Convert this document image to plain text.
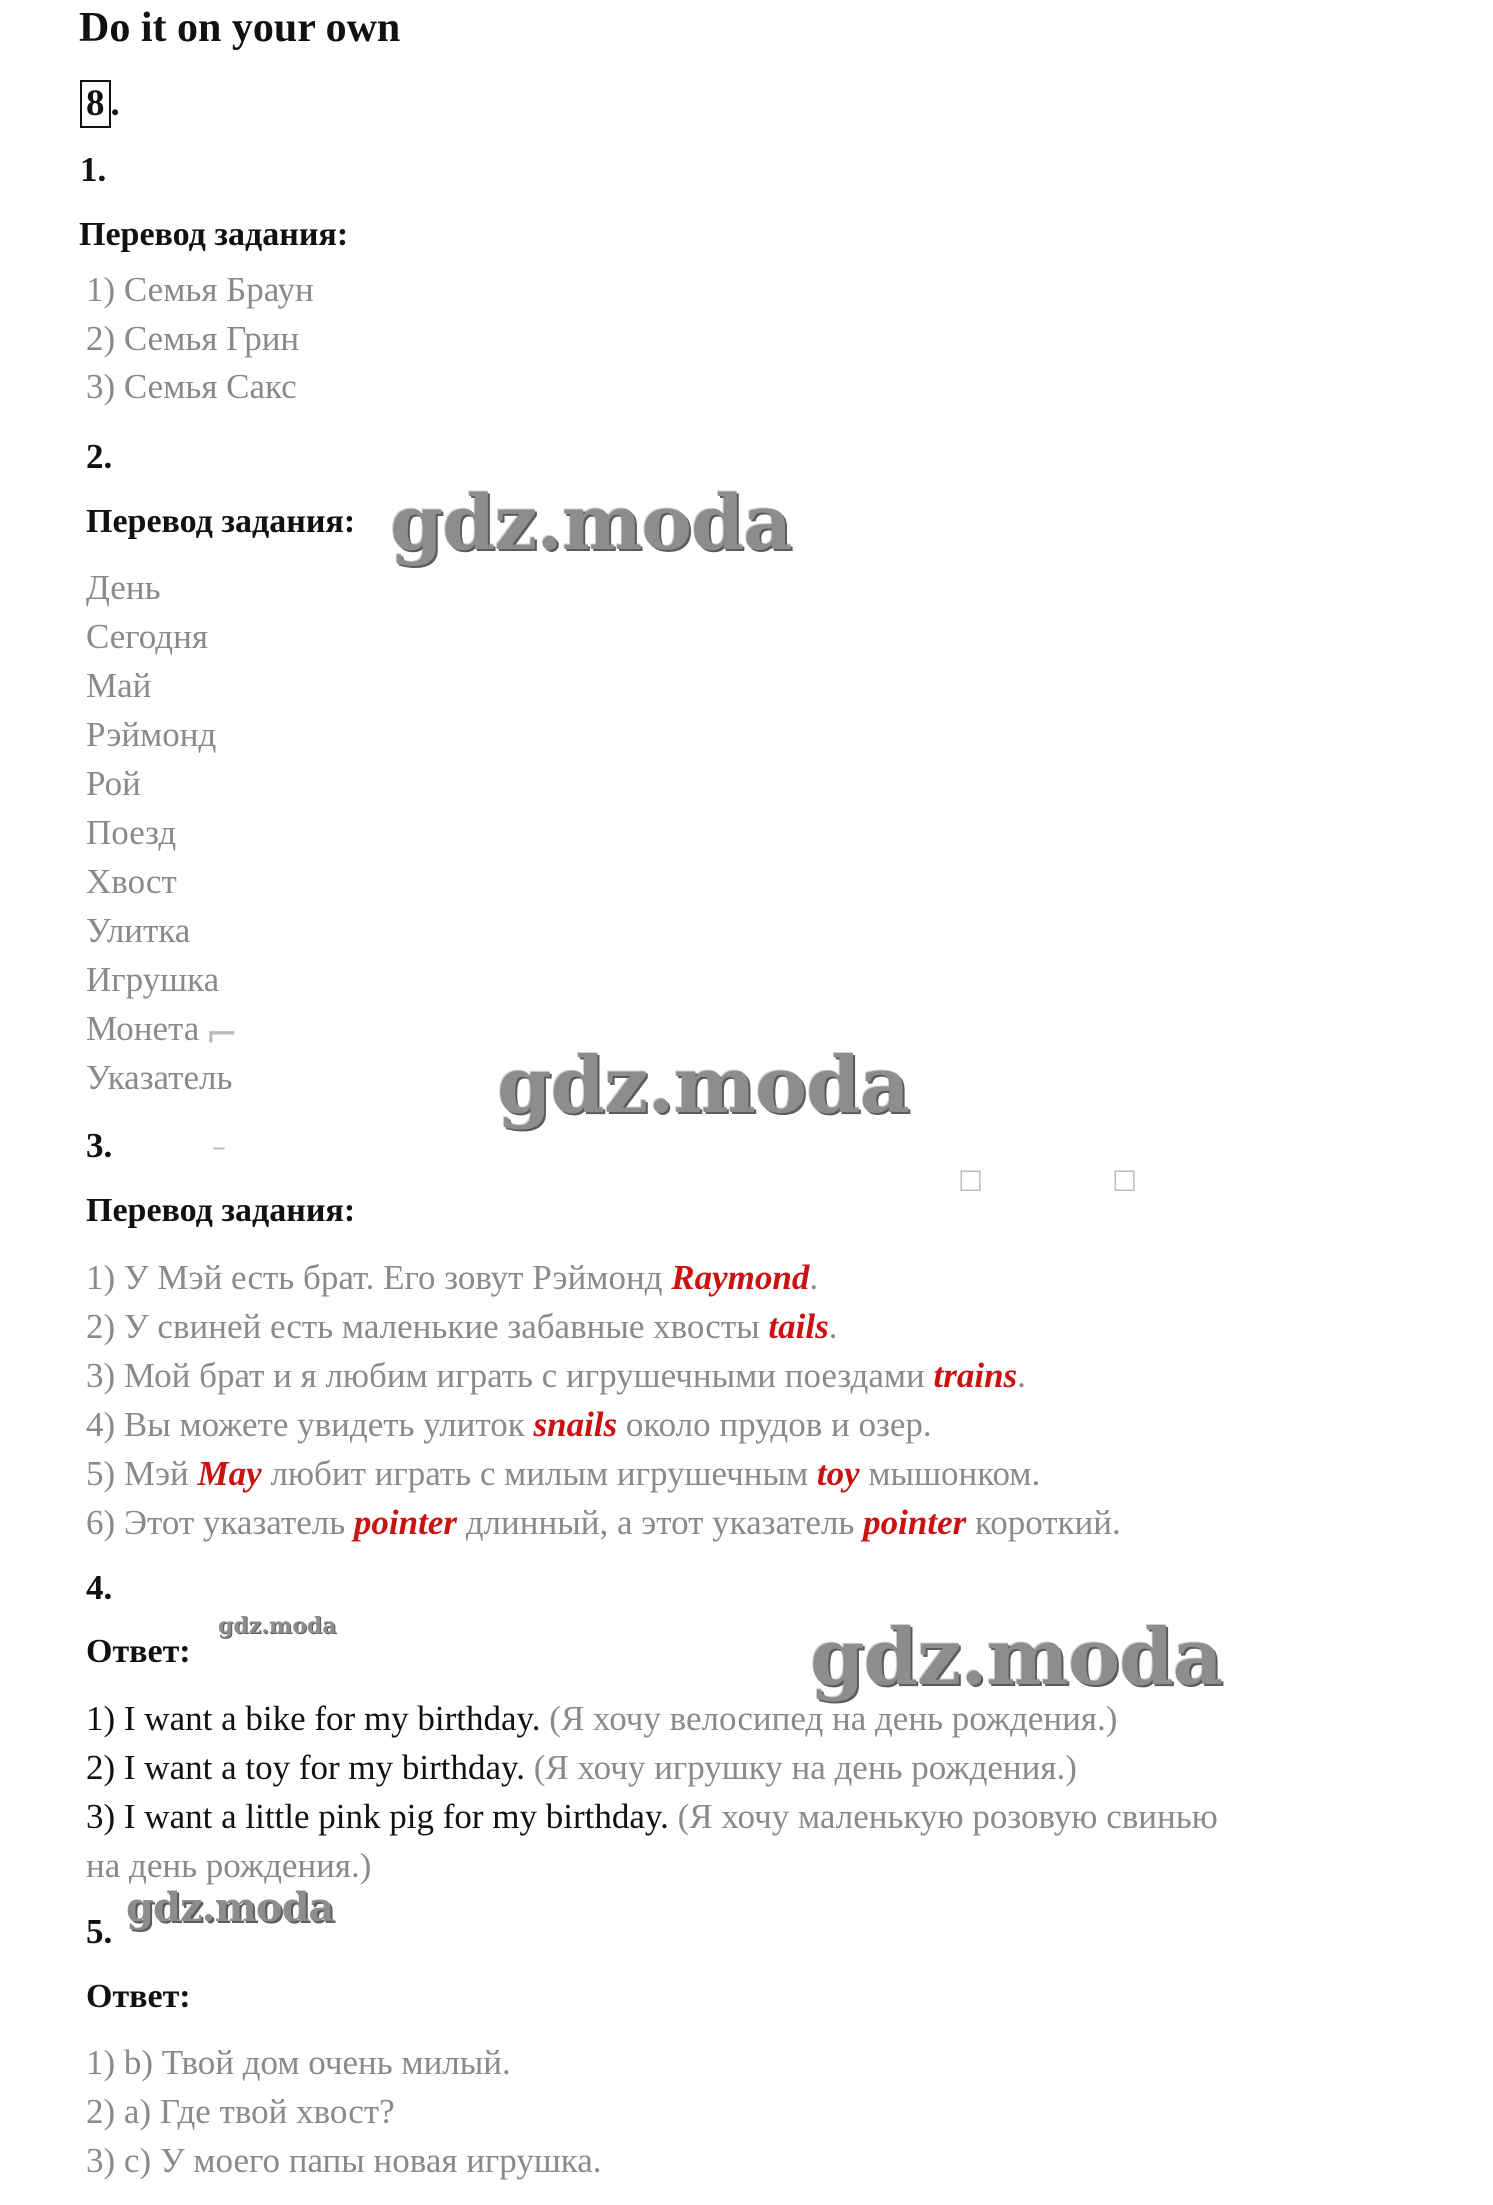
Do it on your own
8 .
1.
Перевод задания:
1) Семья Браун
2) Семья Грин
3) Семья Сакс
2.
Перевод задания:
День
Сегодня
Май
Рэймонд
Рой
Поезд
Хвост
Улитка
Игрушка
Монета
Указатель
⌐
–
☐	☐
3.
Перевод задания:
1) У Мэй есть брат. Его зовут Рэймонд Raymond.
2) У свиней есть маленькие забавные хвосты tails.
3) Мой брат и я любим играть с игрушечными поездами trains.
4) Вы можете увидеть улиток snails около прудов и озер.
5) Мэй May любит играть с милым игрушечным toy мышонком.
6) Этот указатель pointer длинный, а этот указатель pointer короткий.
4.
Ответ:
1) I want a bike for my birthday. (Я хочу велосипед на день рождения.)
2) I want a toy for my birthday. (Я хочу игрушку на день рождения.)
3) I want a little pink pig for my birthday. (Я хочу маленькую розовую свинью
на день рождения.)
5.
Ответ:
1) b) Твой дом очень милый.
2) a) Где твой хвост?
3) c) У моего папы новая игрушка.
gdz.moda
gdz.moda
gdz.moda	gdz.moda
gdz.moda
